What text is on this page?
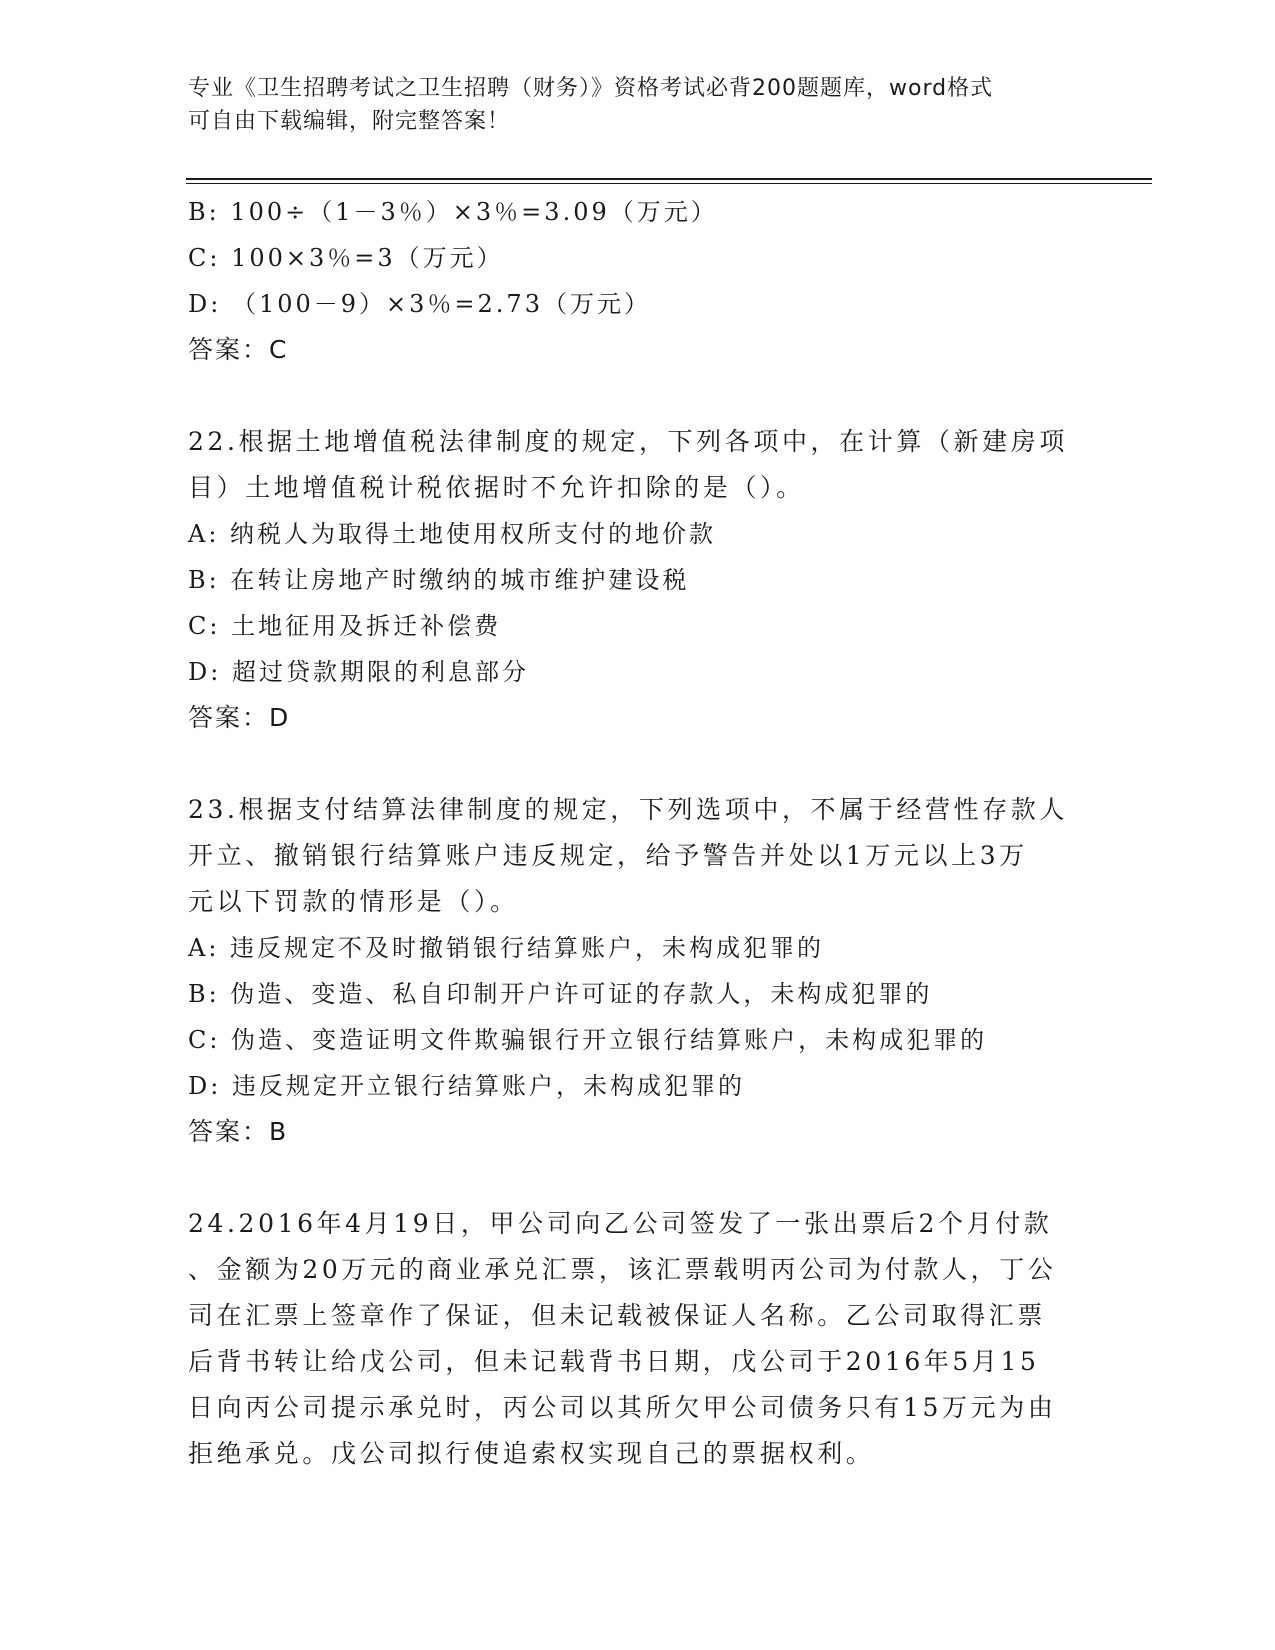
专业《卫生招聘考试之卫生招聘（财务）》资格考试必背200题题库，word格式
可自由下载编辑，附完整答案！
B: 100÷（1－3％）×3％=3.09（万元）
C: 100×3％=3（万元）
D: （100－9）×3％=2.73（万元）
答案：C

22.根据土地增值税法律制度的规定，下列各项中，在计算（新建房项

目）土地增值税计税依据时不允许扣除的是（）。

A: 纳税人为取得土地使用权所支付的地价款
B: 在转让房地产时缴纳的城市维护建设税
C: 土地征用及拆迁补偿费
D: 超过贷款期限的利息部分
答案：D

23.根据支付结算法律制度的规定，下列选项中，不属于经营性存款人

开立、撤销银行结算账户违反规定，给予警告并处以1万元以上3万

元以下罚款的情形是（）。

A: 违反规定不及时撤销银行结算账户，未构成犯罪的
B: 伪造、变造、私自印制开户许可证的存款人，未构成犯罪的
C: 伪造、变造证明文件欺骗银行开立银行结算账户，未构成犯罪的
D: 违反规定开立银行结算账户，未构成犯罪的
答案：B

24.2016年4月19日，甲公司向乙公司签发了一张出票后2个月付款

、金额为20万元的商业承兑汇票，该汇票载明丙公司为付款人，丁公

司在汇票上签章作了保证，但未记载被保证人名称。乙公司取得汇票

后背书转让给戊公司，但未记载背书日期，戊公司于2016年5月15

日向丙公司提示承兑时，丙公司以其所欠甲公司债务只有15万元为由

拒绝承兑。戊公司拟行使追索权实现自己的票据权利。
